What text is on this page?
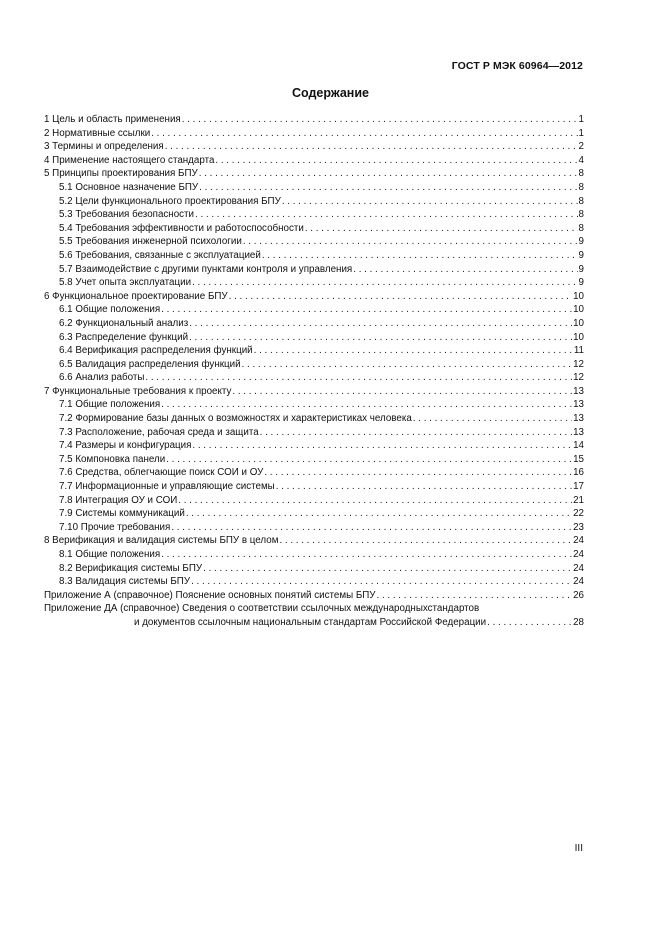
ГОСТ Р МЭК 60964—2012
Содержание
1 Цель и область применения . . .	1
2 Нормативные ссылки . . .	1
3 Термины и определения . . .	2
4 Применение настоящего стандарта . . .	4
5 Принципы проектирования БПУ . . .	8
5.1 Основное назначение БПУ . . .	8
5.2 Цели функционального проектирования БПУ . . .	8
5.3 Требования безопасности . . .	8
5.4 Требования эффективности и работоспособности . . .	8
5.5 Требования инженерной психологии . . .	9
5.6 Требования, связанные с эксплуатацией . . .	9
5.7 Взаимодействие с другими пунктами контроля и управления . . .	9
5.8 Учет опыта эксплуатации . . .	9
6 Функциональное проектирование БПУ . . .	10
6.1 Общие положения . . .	10
6.2 Функциональный анализ . . .	10
6.3 Распределение функций . . .	10
6.4 Верификация распределения функций . . .	11
6.5 Валидация распределения функций . . .	12
6.6 Анализ работы . . .	12
7 Функциональные требования к проекту . . .	13
7.1 Общие положения . . .	13
7.2 Формирование базы данных о возможностях и характеристиках человека . . .	13
7.3 Расположение, рабочая среда и защита . . .	13
7.4 Размеры и конфигурация . . .	14
7.5 Компоновка панели . . .	15
7.6 Средства, облегчающие поиск СОИ и ОУ . . .	16
7.7 Информационные и управляющие системы . . .	17
7.8 Интеграция ОУ и СОИ . . .	21
7.9 Системы коммуникаций . . .	22
7.10 Прочие требования . . .	23
8 Верификация и валидация системы БПУ в целом . . .	24
8.1 Общие положения . . .	24
8.2 Верификация системы БПУ . . .	24
8.3 Валидация системы БПУ . . .	24
Приложение А (справочное) Пояснение основных понятий системы БПУ . . .	26
Приложение ДА (справочное) Сведения о соответствии ссылочных международныхстандартов
и документов ссылочным национальным стандартам Российской Федерации . . .	28
III
